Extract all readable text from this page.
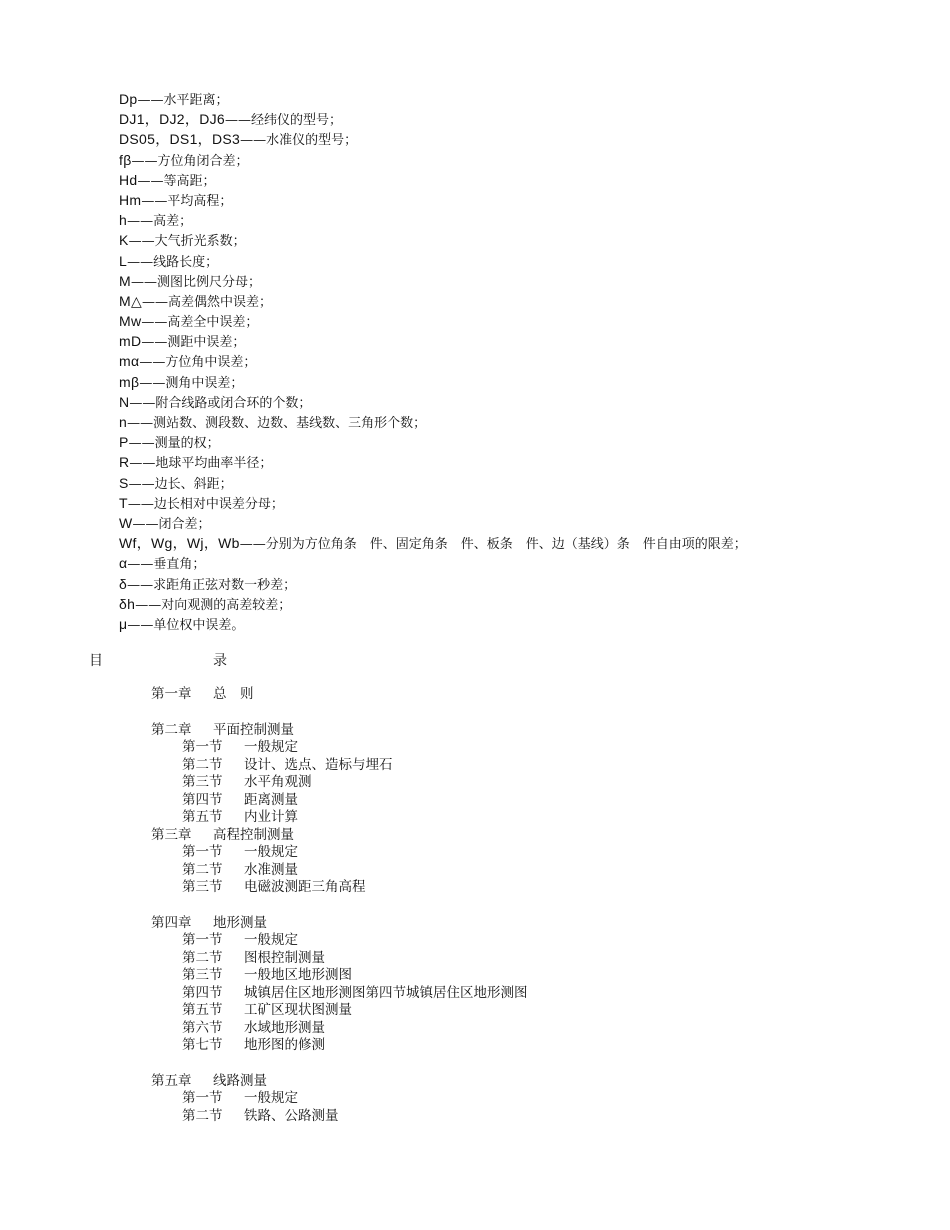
Dp——水平距离；
DJ1，DJ2，DJ6——经纬仪的型号；
DS05，DS1，DS3——水准仪的型号；
fβ——方位角闭合差；
Hd——等高距；
Hm——平均高程；
h——高差；
K——大气折光系数；
L——线路长度；
M——测图比例尺分母；
M△——高差偶然中误差；
Mw——高差全中误差；
mD——测距中误差；
mα——方位角中误差；
mβ——测角中误差；
N——附合线路或闭合环的个数；
n——测站数、测段数、边数、基线数、三角形个数；
P——测量的权；
R——地球平均曲率半径；
S——边长、斜距；
T——边长相对中误差分母；
W——闭合差；
Wf，Wg，Wj，Wb——分别为方位角条　件、固定角条　件、板条　件、边（基线）条　件自由项的限差；
α——垂直角；
δ——求距角正弦对数一秒差；
δh——对向观测的高差较差；
μ——单位权中误差。
目	录
第一章 总　则
第二章 平面控制测量
第一节 一般规定
第二节 设计、选点、造标与埋石
第三节 水平角观测
第四节 距离测量
第五节 内业计算
第三章 高程控制测量
第一节 一般规定
第二节 水准测量
第三节 电磁波测距三角高程
第四章 地形测量
第一节 一般规定
第二节 图根控制测量
第三节 一般地区地形测图
第四节 城镇居住区地形测图第四节城镇居住区地形测图
第五节 工矿区现状图测量
第六节 水域地形测量
第七节 地形图的修测
第五章 线路测量
第一节 一般规定
第二节 铁路、公路测量
